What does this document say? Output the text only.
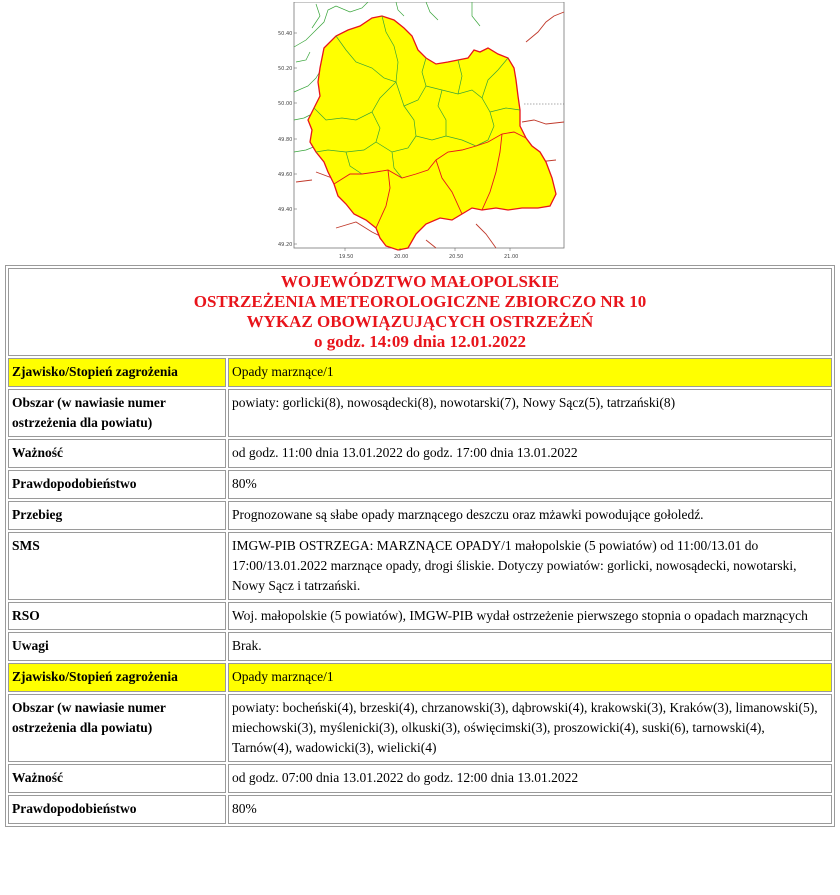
50.40
50.20
50.00
49.80
49.60
49.40
49.20
19.50	20.00	20.50	21.00
WOJEWÓDZTWO MAŁOPOLSKIE
OSTRZEŻENIA METEOROLOGICZNE ZBIORCZO NR 10
WYKAZ OBOWIĄZUJĄCYCH OSTRZEŻEŃ
o godz. 14:09 dnia 12.01.2022	

Zjawisko/Stopień zagrożenia	Opady marznące/1
Obszar (w nawiasie numer ostrzeżenia dla powiatu)	powiaty: gorlicki(8), nowosądecki(8), nowotarski(7), Nowy Sącz(5), tatrzański(8)
Ważność	od godz. 11:00 dnia 13.01.2022 do godz. 17:00 dnia 13.01.2022
Prawdopodobieństwo	80%
Przebieg	Prognozowane są słabe opady marznącego deszczu oraz mżawki powodujące gołoledź.
SMS	IMGW-PIB OSTRZEGA: MARZNĄCE OPADY/1 małopolskie (5 powiatów) od 11:00/13.01 do 17:00/13.01.2022 marznące opady, drogi śliskie. Dotyczy powiatów: gorlicki, nowosądecki, nowotarski, Nowy Sącz i tatrzański.
RSO	Woj. małopolskie (5 powiatów), IMGW-PIB wydał ostrzeżenie pierwszego stopnia o opadach marznących
Uwagi	Brak.
Zjawisko/Stopień zagrożenia	Opady marznące/1
Obszar (w nawiasie numer ostrzeżenia dla powiatu)	powiaty: bocheński(4), brzeski(4), chrzanowski(3), dąbrowski(4), krakowski(3), Kraków(3), limanowski(5), miechowski(3), myślenicki(3), olkuski(3), oświęcimski(3), proszowicki(4), suski(6), tarnowski(4), Tarnów(4), wadowicki(3), wielicki(4)
Ważność	od godz. 07:00 dnia 13.01.2022 do godz. 12:00 dnia 13.01.2022
Prawdopodobieństwo	80%
